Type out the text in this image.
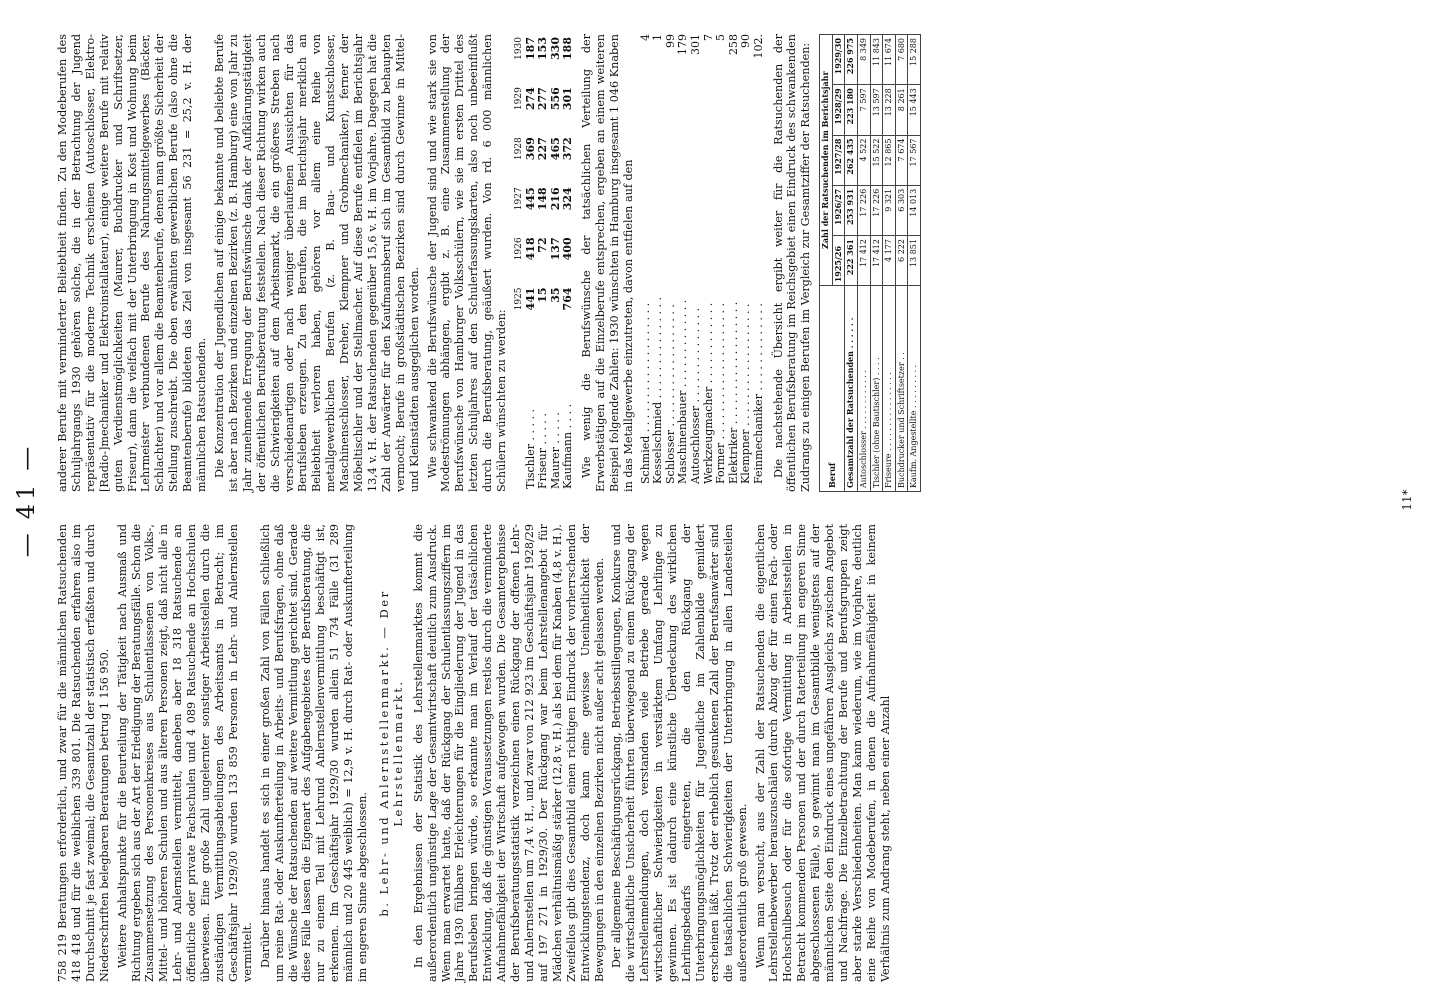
— 41 —

758 219 Beratungen erforderlich, und zwar für die männlichen Ratsuchenden 418 418 und für die weiblichen 339 801. Die Ratsuchenden erfahren also im Durchschnitt je fast zweimal; die Gesamtzahl der statistisch erfaßten und durch Niederschriften belegbaren Beratungen betrug 1 156 950. Weitere Anhaltspunkte für die Beurteilung der Tätigkeit nach Ausmaß und Richtung ergeben sich aus der Art der Erledigung der Beratungsfälle. Schon die Zusammensetzung des Personenkreises aus Schulentlassenen von Volks-, Mittel- und höheren Schulen und aus älteren Personen zeigt, daß nicht alle in Lehr- und Anlernstellen vermittelt, daneben aber 18 318 Ratsuchende an öffentliche oder private Fachschulen und 4 089 Ratsuchende an Hochschulen überwiesen. Eine große Zahl ungelernter sonstiger Arbeitsstellen durch die zuständigen Vermittlungsabteilungen des Arbeitsamts in Betracht; im Geschäftsjahr 1929/30 wurden 133 859 Personen in Lehr- und Anlernstellen vermittelt. Darüber hinaus handelt es sich in einer großen Zahl von Fällen schließlich um reine Rat- oder Auskunfterteilung in Arbeits- und Berufsfragen, ohne daß die Wünsche der Ratsuchenden auf weitere Vermittlung gerichtet sind. Gerade diese Fälle lassen die Eigenart des Aufgabengebietes der Berufsberatung, die nur zu einem Teil mit Lehrund Anlernstellenvermittlung beschäftigt ist, erkennen. Im Geschäftsjahr 1929/30 wurden allein 51 734 Fälle (31 289 männlich und 20 445 weiblich) = 12,9 v. H. durch Rat- oder Auskunfterteilung im engeren Sinne abgeschlossen. b. Lehr- und Anlernstellenmarkt. — Der Lehrstellenmarkt. In den Ergebnissen der Statistik des Lehrstellenmarktes kommt die außerordentlich ungünstige Lage der Gesamtwirtschaft deutlich zum Ausdruck. Wenn man erwartet hatte, daß der Rückgang der Schulentlassungsziffern im Jahre 1930 fühlbare Erleichterungen für die Eingliederung der Jugend in das Berufsleben bringen würde, so erkannte man im Verlauf der tatsächlichen Entwicklung, daß die günstigen Voraussetzungen restlos durch die verminderte Aufnahmefähigkeit der Wirtschaft aufgewogen wurden. Die Gesamtergebnisse der Berufsberatungsstatistik verzeichnen einen Rückgang der offenen Lehr- und Anlernstellen um 7,4 v. H., und zwar von 212 923 im Geschäftsjahr 1928/29 auf 197 271 in 1929/30. Der Rückgang war beim Lehrstellenangebot für Mädchen verhältnismäßig stärker (12,8 v. H.) als bei dem für Knaben (4,8 v. H.). Zweifellos gibt dies Gesamtbild einen richtigen Eindruck der vorherrschenden Entwicklungstendenz, doch kann eine gewisse Uneinheitlichkeit der Bewegungen in den einzelnen Bezirken nicht außer acht gelassen werden. Der allgemeine Beschäftigungsrückgang, Betriebsstillegungen, Konkurse und die wirtschaftliche Unsicherheit führten überwiegend zu einem Rückgang der Lehrstellenmeldungen, doch verstanden viele Betriebe gerade wegen wirtschaftlicher Schwierigkeiten in verstärktem Umfang Lehrlinge zu gewinnen. Es ist dadurch eine künstliche Überdeckung des wirklichen Lehrlingsbedarfs eingetreten, die den Rückgang der Unterbringungsmöglichkeiten für Jugendliche im Zahlenbilde gemildert erscheinen läßt. Trotz der erheblich gesunkenen Zahl der Berufsanwärter sind die tatsächlichen Schwierigkeiten der Unterbringung in allen Landesteilen außerordentlich groß gewesen. Wenn man versucht, aus der Zahl der Ratsuchenden die eigentlichen Lehrstellenbewerber herauszuschälen (durch Abzug der für einen Fach- oder Hochschulbesuch oder für die sofortige Vermittlung in Arbeitsstellen in Betracht kommenden Personen und der durch Raterteilung im engeren Sinne abgeschlossenen Fälle), so gewinnt man im Gesamtbilde wenigstens auf der männlichen Seite den Eindruck eines ungefähren Ausgleichs zwischen Angebot und Nachfrage. Die Einzelbetrachtung der Berufe und Berufsgruppen zeigt aber starke Verschiedenheiten. Man kann wiederum, wie im Vorjahre, deutlich eine Reihe von Modeberufen, in denen die Aufnahmefähigkeit in keinem Verhältnis zum Andrang steht, neben einer Anzahl

anderer Berufe mit verminderter Beliebtheit finden. Zu den Modeberufen des Schuljahrgangs 1930 gehören solche, die in der Betrachtung der Jugend repräsentativ für die moderne Technik erscheinen (Autoschlosser, Elektro-[Radio-]mechaniker und Elektroinstallateur), einige weitere Berufe mit relativ guten Verdienstmöglichkeiten (Maurer, Buchdrucker und Schriftsetzer, Friseur), dann die vielfach mit der Unterbringung in Kost und Wohnung beim Lehrmeister verbundenen Berufe des Nahrungsmittelgewerbes (Bäcker, Schlachter) und vor allem die Beamtenberufe, denen man größte Sicherheit der Stellung zuschreibt. Die oben erwähnten gewerblichen Berufe (also ohne die Beamtenberufe) bildeten das Ziel von insgesamt 56 231 = 25,2 v. H. der männlichen Ratsuchenden. Die Konzentration der Jugendlichen auf einige bekannte und beliebte Berufe ist aber nach Bezirken und einzelnen Bezirken (z. B. Hamburg) eine von Jahr zu Jahr zunehmende Erregung der Berufswünsche dank der Aufklärungstätigkeit der öffentlichen Berufsberatung feststellen. Nach dieser Richtung wirken auch die Schwierigkeiten auf dem Arbeitsmarkt, die ein größeres Streben nach verschiedenartigen oder nach weniger überlaufenen Aussichten für das Berufsleben erzeugen. Zu den Berufen, die im Berichtsjahr merklich an Beliebtheit verloren haben, gehören vor allem eine Reihe von metallgewerblichen Berufen (z. B. Bau- und Kunstschlosser, Maschinenschlosser, Dreher, Klempner und Grobmechaniker), ferner der Möbeltischler und der Stellmacher. Auf diese Berufe entfielen im Berichtsjahr 13,4 v. H. der Ratsuchenden gegenüber 15,6 v. H. im Vorjahre. Dagegen hat die Zahl der Anwärter für den Kaufmannsberuf sich im Gesamtbild zu behaupten vermocht; Berufe in großstädtischen Bezirken sind durch Gewinne in Mittel- und Kleinstädten ausgeglichen worden. Wie schwankend die Berufswünsche der Jugend sind und wie stark sie von Modeströmungen abhängen, ergibt z. B. eine Zusammenstellung der Berufswünsche von Hamburger Volksschülern, wie sie im ersten Drittel des letzten Schuljahres auf den Schulerfassungskarten, also noch unbeeinflußt durch die Berufsberatung, geäußert wurden. Von rd. 6 000 männlichen Schülern wünschten zu werden:

	1925	1926	1927	1928	1929	1930
Tischler . . . . .	441	418	445	369	274	187
Friseur . . . . .	15	72	148	227	277	153
Maurer . . . . .	35	137	216	465	556	330
Kaufmann . . . .	764	400	324	372	301	188 Wie wenig die Berufswünsche der tatsächlichen Verteilung der Erwerbstätigen auf die Einzelberufe entsprechen, ergeben an einem weiteren Beispiel folgende Zahlen: 1930 wünschten in Hamburg insgesamt 1 046 Knaben in das Metallgewerbe einzutreten, davon entfielen auf den Schmied . . . . . . . . . . . . . . . . . . .
4
Kesselschmied . . . . . . . . . . . . . . .
1
Schlosser . . . . . . . . . . . . . . . . . .
99
Maschinenbauer . . . . . . . . . . . . .
179
Autoschlosser . . . . . . . . . . . . . .
301
Werkzeugmacher . . . . . . . . . . . .
7
Former . . . . . . . . . . . . . . . . . . . .
5
Elektriker . . . . . . . . . . . . . . . . . .
258
Klempner . . . . . . . . . . . . . . . . . .
90
Feinmechaniker . . . . . . . . . . . . .
102. Die nachstehende Übersicht ergibt weiter für die Ratsuchenden der öffentlichen Berufsberatung im Reichsgebiet einen Eindruck des schwankenden Zudrangs zu einigen Berufen im Vergleich zur Gesamtziffer der Ratsuchenden: Beruf	Zahl der Ratsuchenden im Berichtsjahr				
	1925/26	1926/27	1927/28	1928/29	1929/30
Gesamtzahl der Ratsuchenden . . . . . .	222 361	253 931	262 435	223 180	226 975
Autoschlosser . . . . . . . . . . . .	17 412	17 226	4 522	7 597	8 349
Tischler (ohne Bautischler) . . . .	17 412	17 226	15 522	13 597	11 843
Friseure . . . . . . . . . . . . . . . .	4 177	9 321	12 865	13 228	11 674
Buchdrucker und Schriftsetzer . .	6 222	6 303	7 674	8 261	7 680
Kaufm. Angestellte . . . . . . . . .	13 851	14 013	17 567	15 443	15 288
11*
